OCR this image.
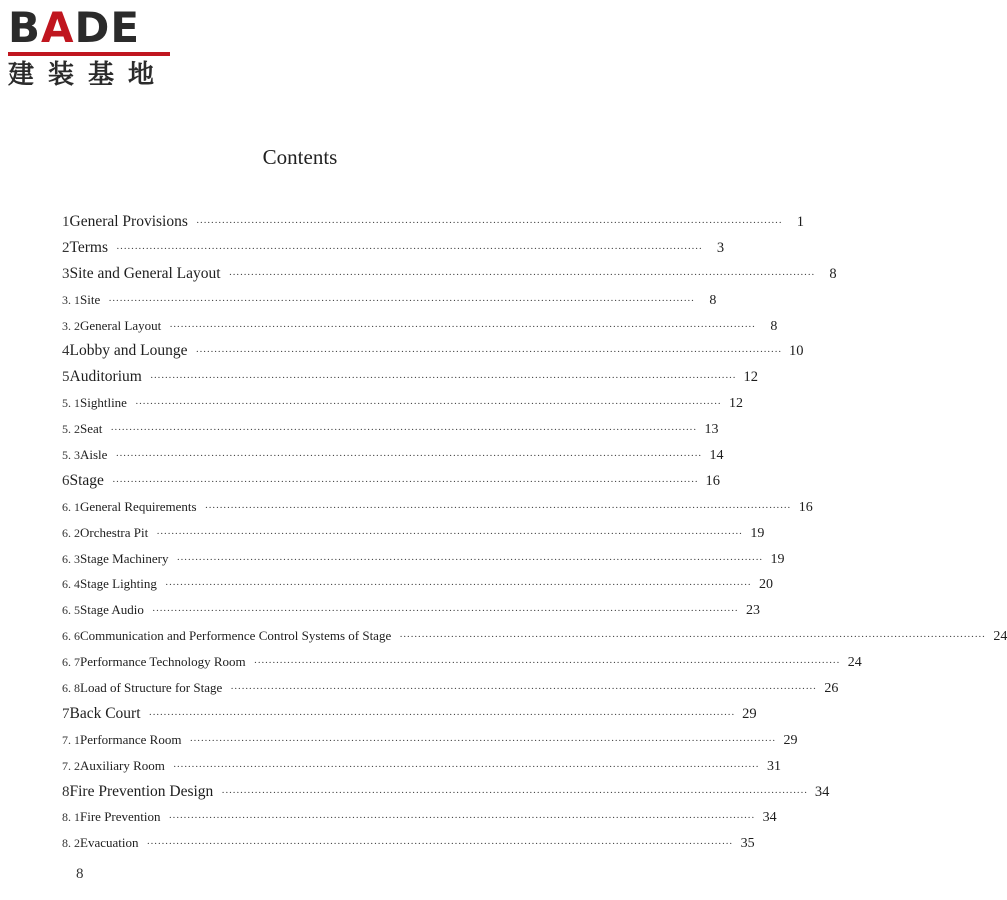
BADE
建装基地
Contents
1 General Provisions ································································································································································	1
2 Terms ································································································································································	3
3 Site and General Layout ································································································································································	8
3. 1 Site ································································································································································	8
3. 2 General Layout ································································································································································	8
4 Lobby and Lounge ································································································································································ 10
5 Auditorium ································································································································································ 12
5. 1 Sightline ································································································································································ 12
5. 2 Seat ································································································································································ 13
5. 3 Aisle ································································································································································ 14
6 Stage ································································································································································ 16
6. 1 General Requirements ································································································································································ 16
6. 2 Orchestra Pit ································································································································································ 19
6. 3 Stage Machinery ································································································································································ 19
6. 4 Stage Lighting ································································································································································ 20
6. 5 Stage Audio ································································································································································ 23
6. 6 Communication and Performence Control Systems of Stage ································································································································································ 24
6. 7 Performance Technology Room ································································································································································ 24
6. 8 Load of Structure for Stage ································································································································································ 26
7 Back Court ································································································································································ 29
7. 1 Performance Room ································································································································································ 29
7. 2 Auxiliary Room ································································································································································ 31
8 Fire Prevention Design ································································································································································ 34
8. 1 Fire Prevention ································································································································································ 34
8. 2 Evacuation ································································································································································ 35
8
